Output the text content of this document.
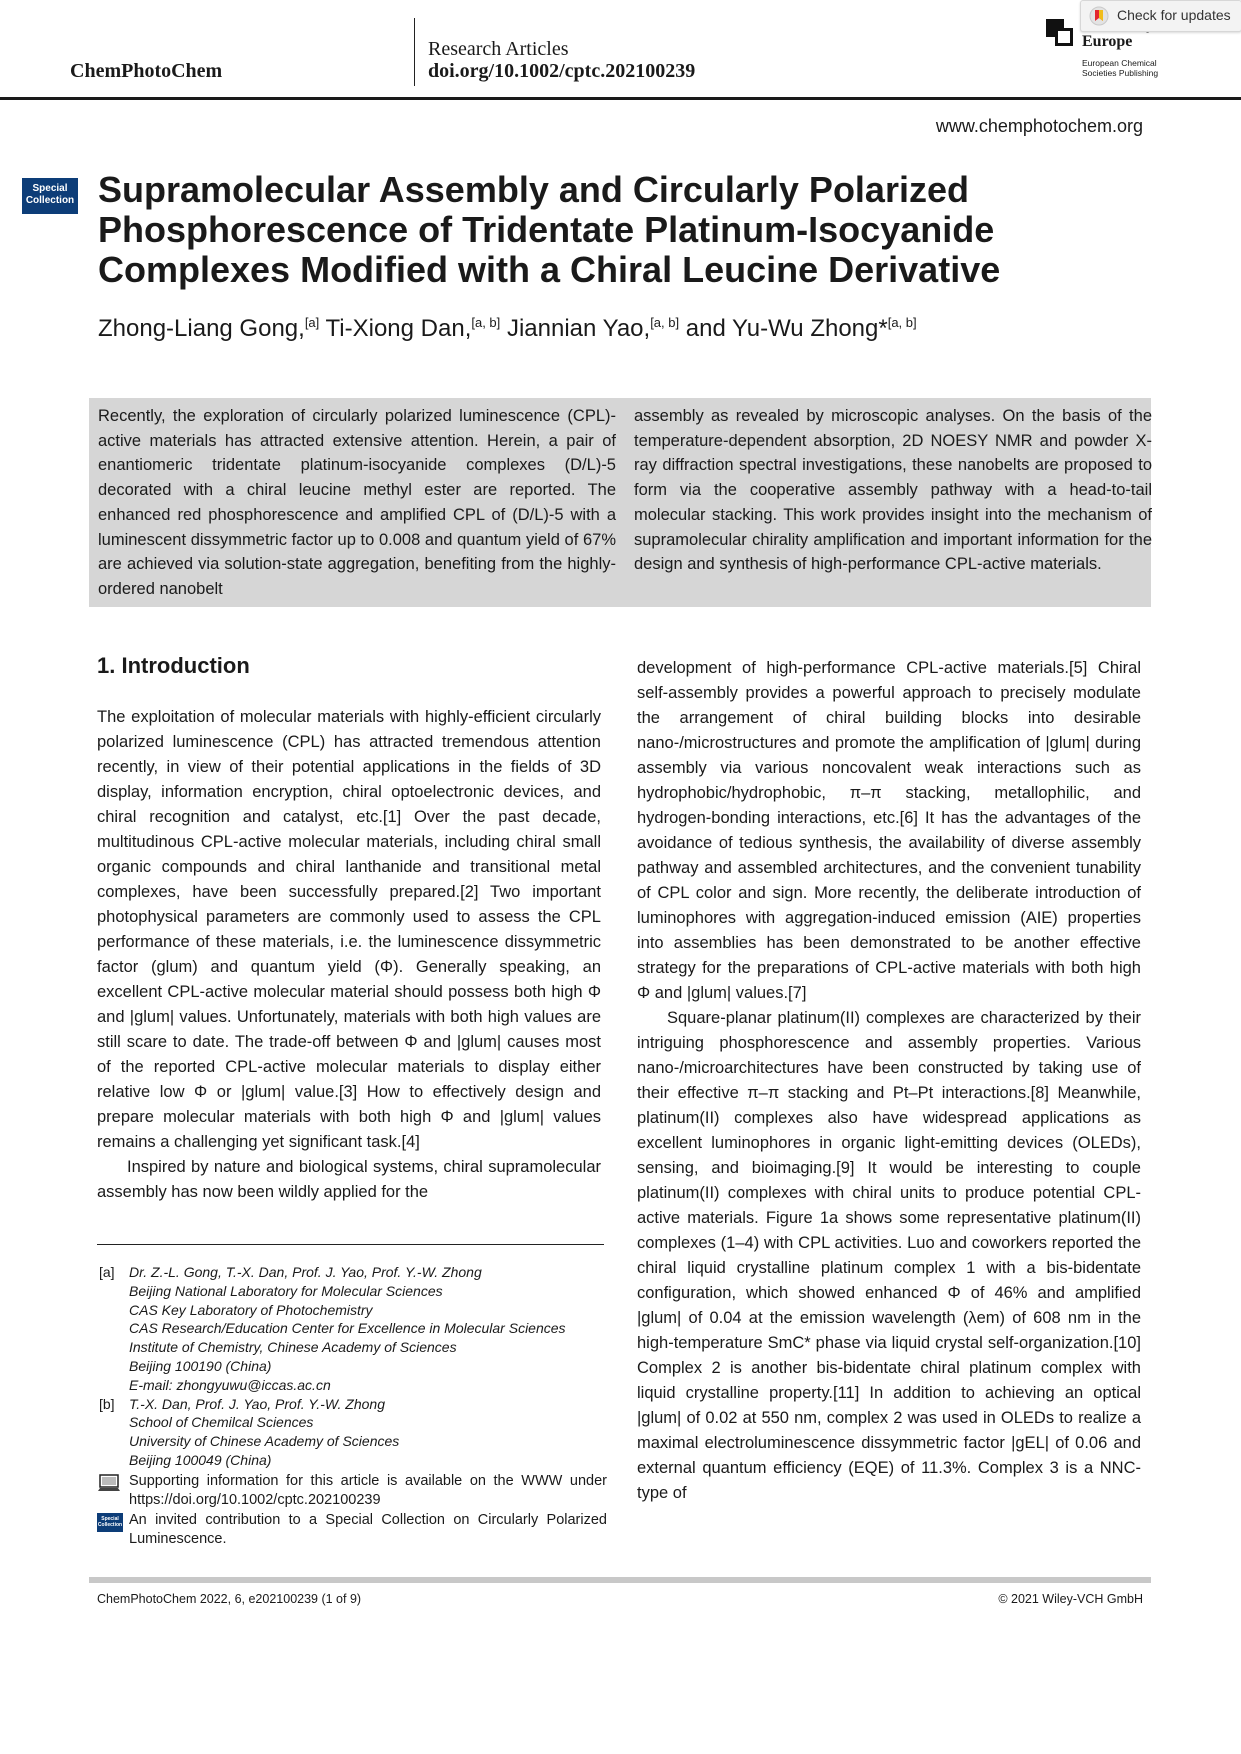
ChemPhotoChem
Research Articles
doi.org/10.1002/cptc.202100239
Europe
European Chemical
Societies Publishing
Check for updates
www.chemphotochem.org
Special
Collection Supramolecular Assembly and Circularly Polarized Phosphorescence of Tridentate Platinum-Isocyanide Complexes Modified with a Chiral Leucine Derivative
Zhong-Liang Gong,[a] Ti-Xiong Dan,[a, b] Jiannian Yao,[a, b] and Yu-Wu Zhong*[a, b]
Recently, the exploration of circularly polarized luminescence (CPL)-active materials has attracted extensive attention. Herein, a pair of enantiomeric tridentate platinum-isocyanide complexes (D/L)-5 decorated with a chiral leucine methyl ester are reported. The enhanced red phosphorescence and amplified CPL of (D/L)-5 with a luminescent dissymmetric factor up to 0.008 and quantum yield of 67% are achieved via solution-state aggregation, benefiting from the highly-ordered nanobelt
assembly as revealed by microscopic analyses. On the basis of the temperature-dependent absorption, 2D NOESY NMR and powder X-ray diffraction spectral investigations, these nanobelts are proposed to form via the cooperative assembly pathway with a head-to-tail molecular stacking. This work provides insight into the mechanism of supramolecular chirality amplification and important information for the design and synthesis of high-performance CPL-active materials.
1. Introduction

The exploitation of molecular materials with highly-efficient circularly polarized luminescence (CPL) has attracted tremendous attention recently, in view of their potential applications in the fields of 3D display, information encryption, chiral optoelectronic devices, and chiral recognition and catalyst, etc.[1] Over the past decade, multitudinous CPL-active molecular materials, including chiral small organic compounds and chiral lanthanide and transitional metal complexes, have been successfully prepared.[2] Two important photophysical parameters are commonly used to assess the CPL performance of these materials, i.e. the luminescence dissymmetric factor (glum) and quantum yield (Φ). Generally speaking, an excellent CPL-active molecular material should possess both high Φ and |glum| values. Unfortunately, materials with both high values are still scare to date. The trade-off between Φ and |glum| causes most of the reported CPL-active molecular materials to display either relative low Φ or |glum| value.[3] How to effectively design and prepare molecular materials with both high Φ and |glum| values remains a challenging yet significant task.[4]

Inspired by nature and biological systems, chiral supramolecular assembly has now been wildly applied for the

development of high-performance CPL-active materials.[5] Chiral self-assembly provides a powerful approach to precisely modulate the arrangement of chiral building blocks into desirable nano-/microstructures and promote the amplification of |glum| during assembly via various noncovalent weak interactions such as hydrophobic/hydrophobic, π–π stacking, metallophilic, and hydrogen-bonding interactions, etc.[6] It has the advantages of the avoidance of tedious synthesis, the availability of diverse assembly pathway and assembled architectures, and the convenient tunability of CPL color and sign. More recently, the deliberate introduction of luminophores with aggregation-induced emission (AIE) properties into assemblies has been demonstrated to be another effective strategy for the preparations of CPL-active materials with both high Φ and |glum| values.[7]

Square-planar platinum(II) complexes are characterized by their intriguing phosphorescence and assembly properties. Various nano-/microarchitectures have been constructed by taking use of their effective π–π stacking and Pt–Pt interactions.[8] Meanwhile, platinum(II) complexes also have widespread applications as excellent luminophores in organic light-emitting devices (OLEDs), sensing, and bioimaging.[9] It would be interesting to couple platinum(II) complexes with chiral units to produce potential CPL-active materials. Figure 1a shows some representative platinum(II) complexes (1–4) with CPL activities. Luo and coworkers reported the chiral liquid crystalline platinum complex 1 with a bis-bidentate configuration, which showed enhanced Φ of 46% and amplified |glum| of 0.04 at the emission wavelength (λem) of 608 nm in the high-temperature SmC* phase via liquid crystal self-organization.[10] Complex 2 is another bis-bidentate chiral platinum complex with liquid crystalline property.[11] In addition to achieving an optical |glum| of 0.02 at 550 nm, complex 2 was used in OLEDs to realize a maximal electroluminescence dissymmetric factor |gEL| of 0.06 and external quantum efficiency (EQE) of 11.3%. Complex 3 is a NNC-type of

[a] Dr. Z.-L. Gong, T.-X. Dan, Prof. J. Yao, Prof. Y.-W. Zhong
Beijing National Laboratory for Molecular Sciences
CAS Key Laboratory of Photochemistry
CAS Research/Education Center for Excellence in Molecular Sciences
Institute of Chemistry, Chinese Academy of Sciences
Beijing 100190 (China)
E-mail: zhongyuwu@iccas.ac.cn
[b] T.-X. Dan, Prof. J. Yao, Prof. Y.-W. Zhong
School of Chemilcal Sciences
University of Chinese Academy of Sciences
Beijing 100049 (China)
Supporting information for this article is available on the WWW under https://doi.org/10.1002/cptc.202100239
Special
Collection An invited contribution to a Special Collection on Circularly Polarized Luminescence.
ChemPhotoChem 2022, 6, e202100239 (1 of 9)	© 2021 Wiley-VCH GmbH
